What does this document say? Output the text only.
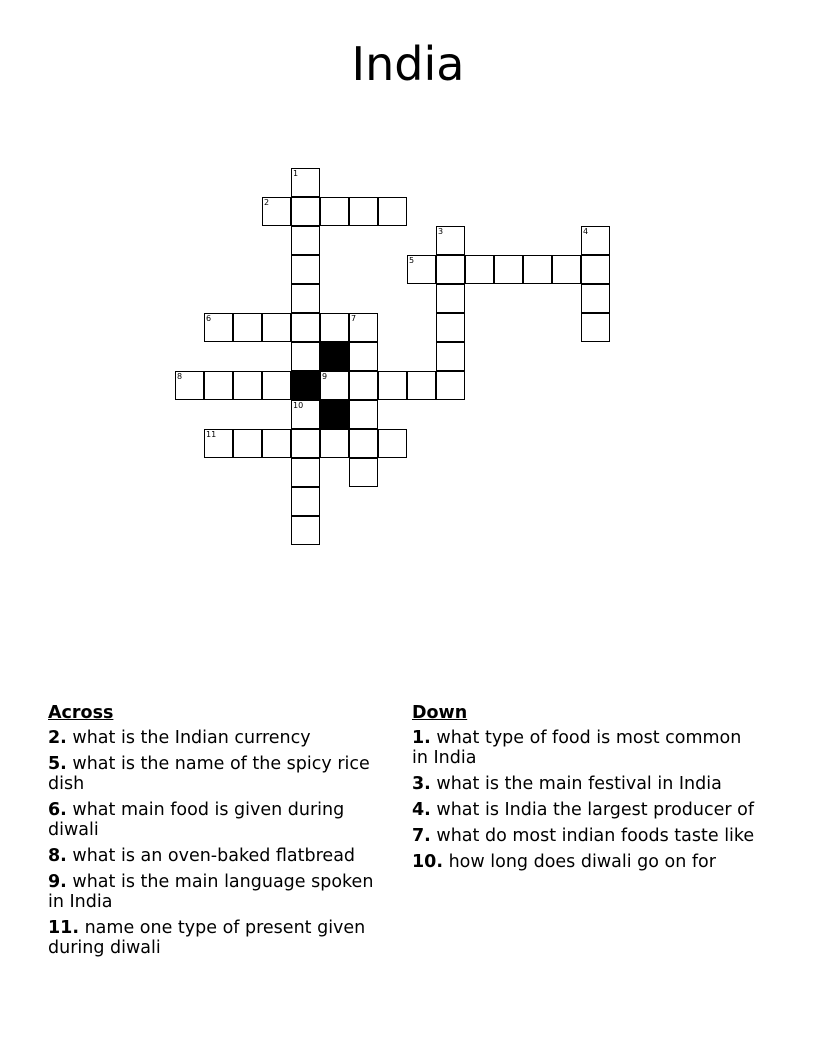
India
1
2
3	4
5
6	7
8	9
10
11
Across
2. what is the Indian currency
5. what is the name of the spicy rice dish
6. what main food is given during diwali
8. what is an oven-baked flatbread
9. what is the main language spoken in India
11. name one type of present given during diwali
Down
1. what type of food is most common in India
3. what is the main festival in India
4. what is India the largest producer of
7. what do most indian foods taste like
10. how long does diwali go on for
